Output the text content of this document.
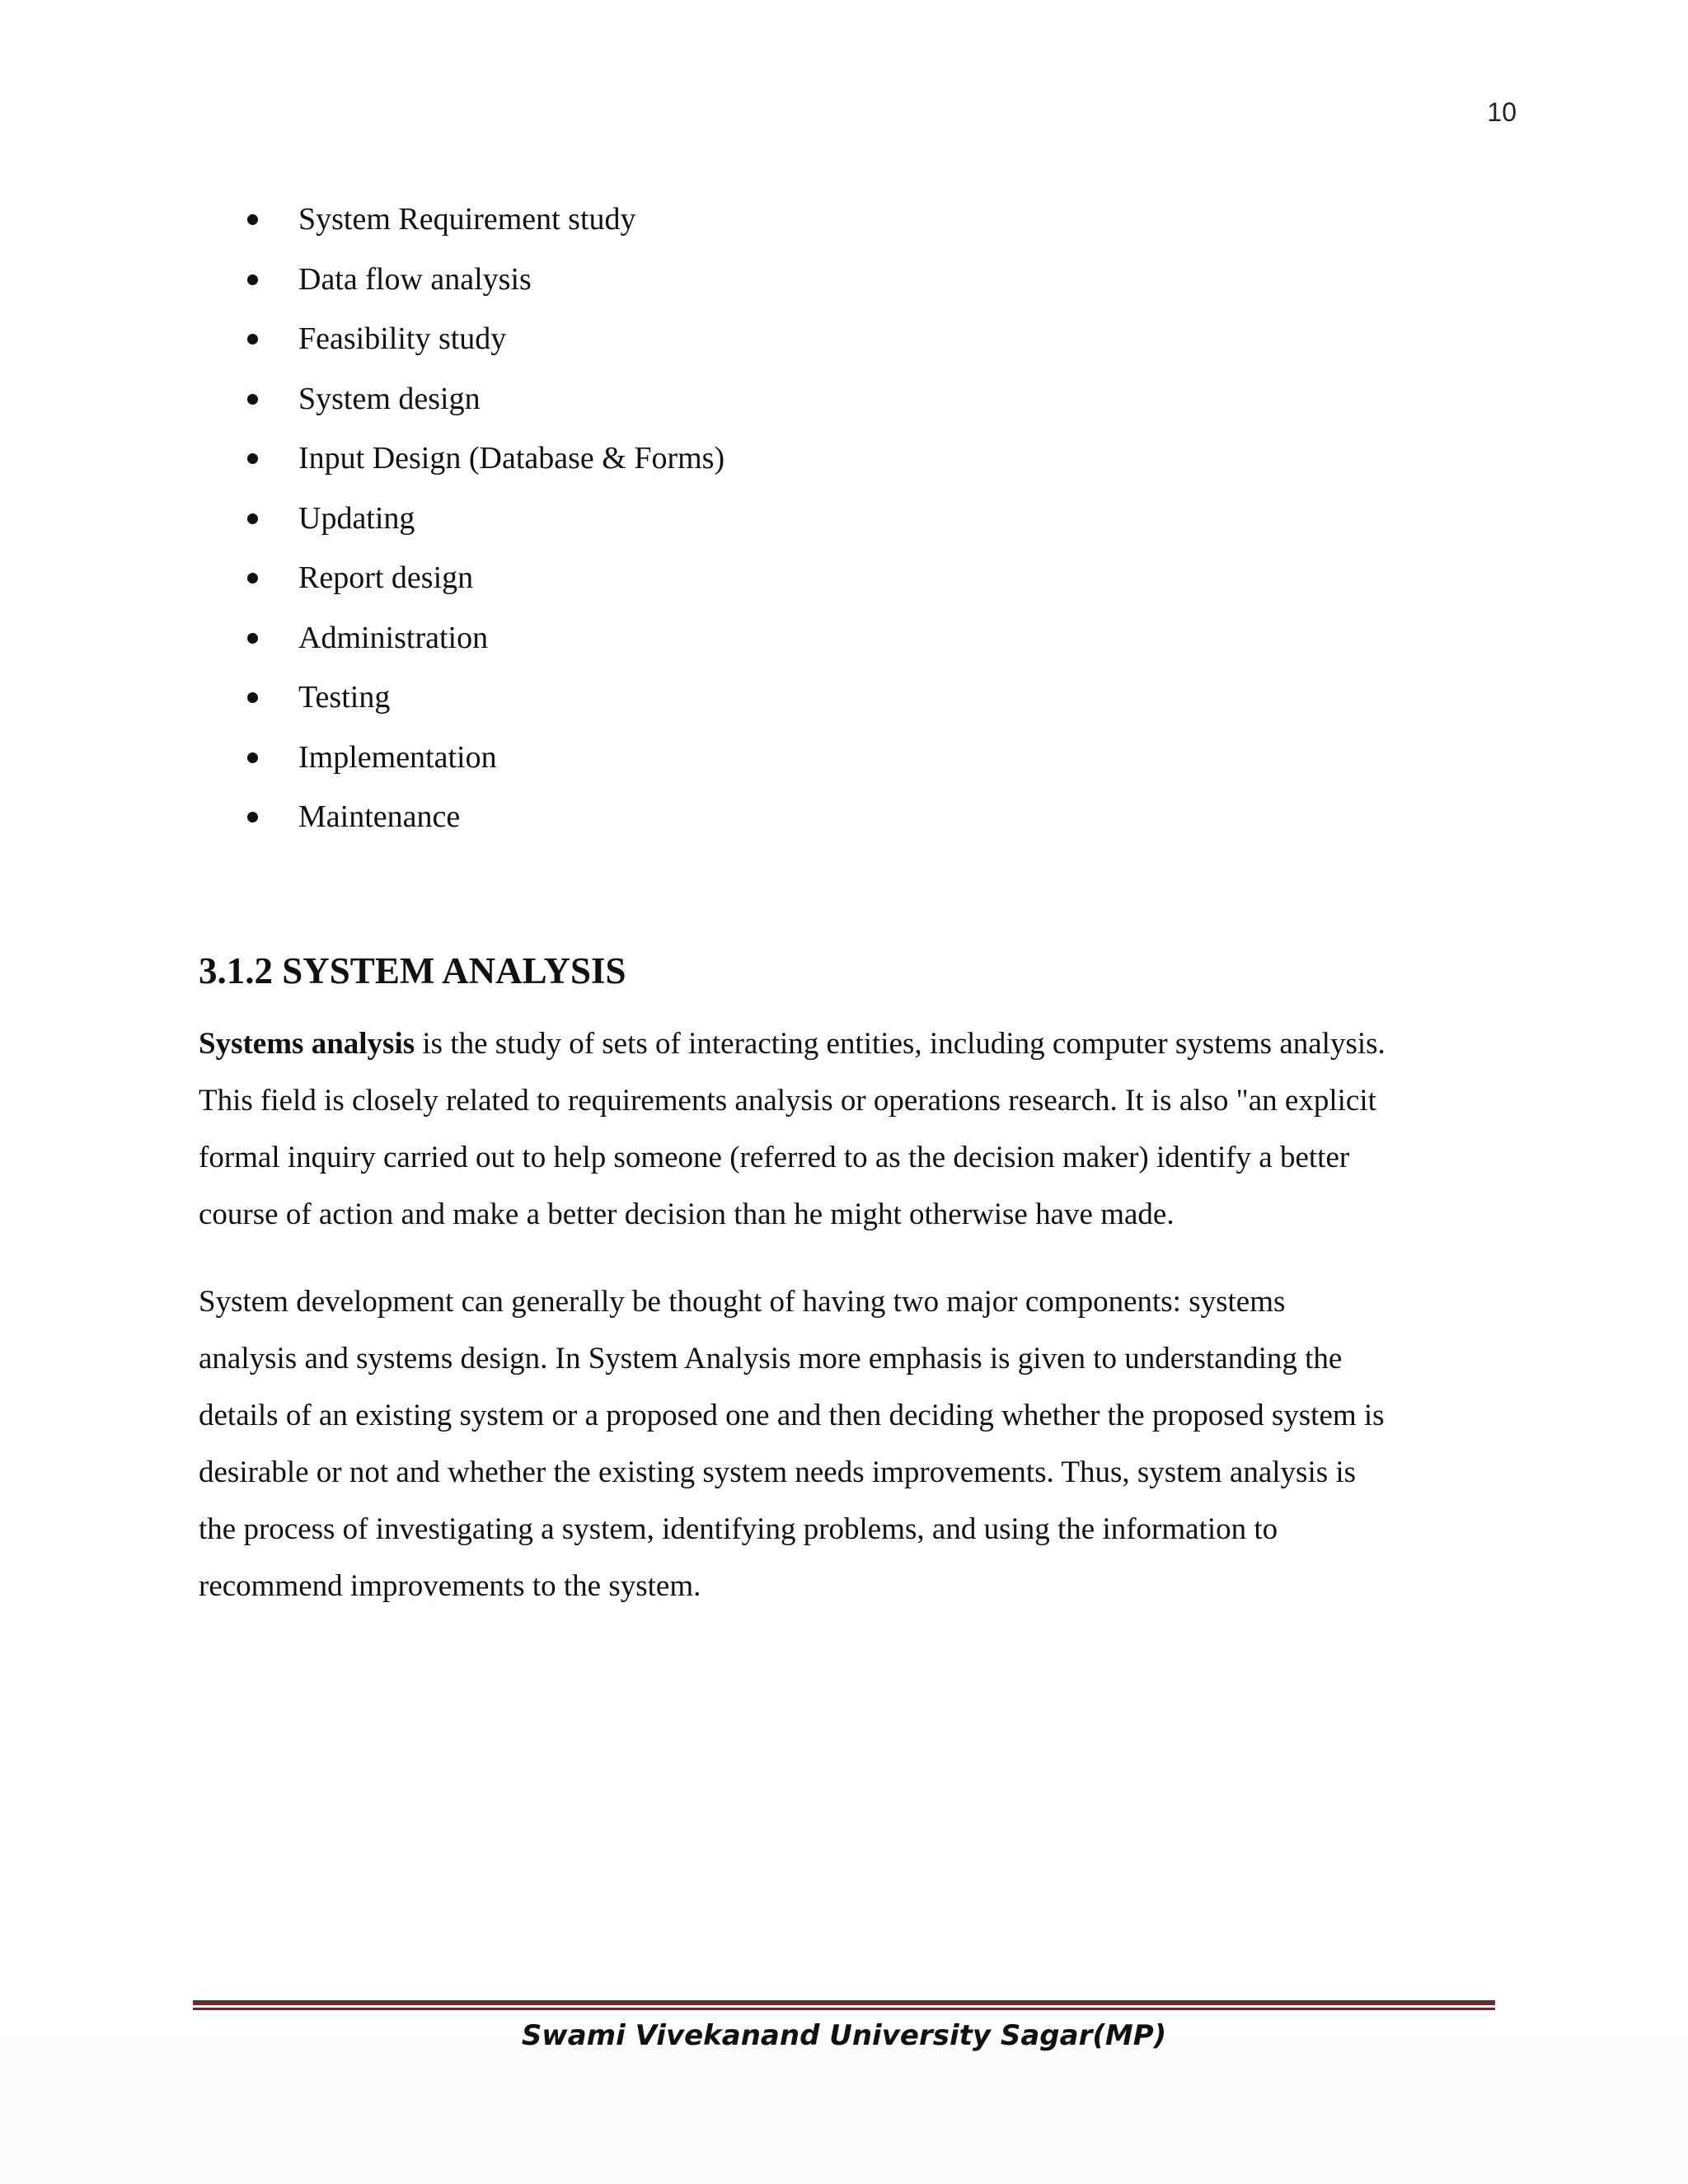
10
System Requirement study
Data flow analysis
Feasibility study
System design
Input Design (Database & Forms)
Updating
Report design
Administration
Testing
Implementation
Maintenance
3.1.2 SYSTEM ANALYSIS

Systems analysis is the study of sets of interacting entities, including computer systems analysis.
This field is closely related to requirements analysis or operations research. It is also "an explicit
formal inquiry carried out to help someone (referred to as the decision maker) identify a better
course of action and make a better decision than he might otherwise have made.

System development can generally be thought of having two major components: systems
analysis and systems design. In System Analysis more emphasis is given to understanding the
details of an existing system or a proposed one and then deciding whether the proposed system is
desirable or not and whether the existing system needs improvements. Thus, system analysis is
the process of investigating a system, identifying problems, and using the information to
recommend improvements to the system.

Swami Vivekanand University Sagar(MP)
